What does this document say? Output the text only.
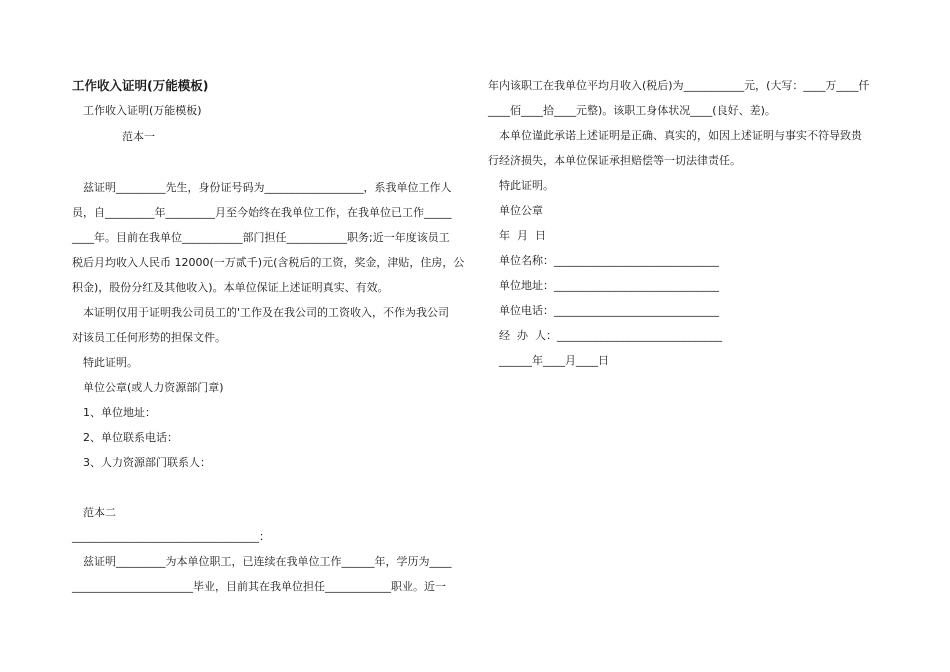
工作收入证明(万能模板)

工作收入证明(万能模板)

范本一

兹证明_________先生，身份证号码为__________________，系我单位工作人

员，自_________年_________月至今始终在我单位工作，在我单位已工作_____

____年。目前在我单位___________部门担任___________职务;近一年度该员工

税后月均收入人民币 12000(一万贰千)元(含税后的工资，奖金，津贴，住房，公

积金)，股份分红及其他收入)。本单位保证上述证明真实、有效。

本证明仅用于证明我公司员工的'工作及在我公司的工资收入，不作为我公司

对该员工任何形势的担保文件。

特此证明。

单位公章(或人力资源部门章)

1、单位地址：

2、单位联系电话：

3、人力资源部门联系人：

范本二

__________________________________：

兹证明_________为本单位职工，已连续在我单位工作______年，学历为____

______________________毕业，目前其在我单位担任____________职业。近一

年内该职工在我单位平均月收入(税后)为___________元，(大写：____万____仟

____佰____拾____元整)。该职工身体状况____(良好、差)。

本单位谨此承诺上述证明是正确、真实的，如因上述证明与事实不符导致贵

行经济损失，本单位保证承担赔偿等一切法律责任。

特此证明。

单位公章

年  月  日

单位名称：______________________________

单位地址：______________________________

单位电话：______________________________

经  办  人：______________________________

______年____月____日
